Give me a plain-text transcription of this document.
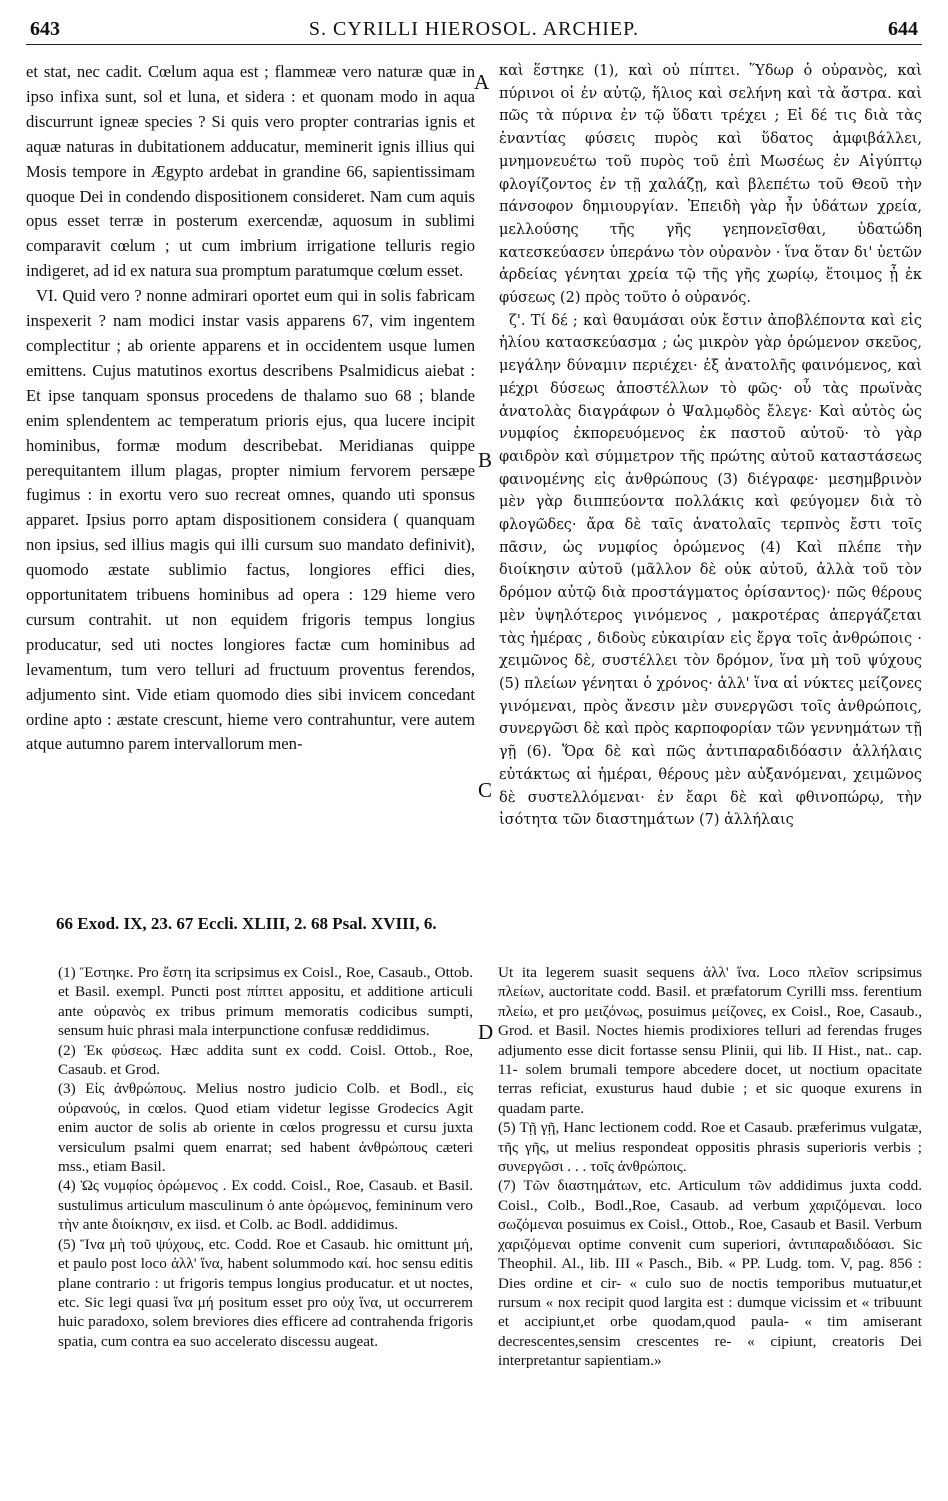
643	S. CYRILLI HIEROSOL. ARCHIEP.	644

et stat, nec cadit. Cœlum aqua est ; flammeæ vero naturæ quæ in ipso infixa sunt, sol et luna, et sidera : et quonam modo in aqua discurrunt igneæ species ? Si quis vero propter contrarias ignis et aquæ naturas in dubitationem adducatur, meminerit ignis illius qui Mosis tempore in Ægypto ardebat in grandine 66, sapientissimam quoque Dei in condendo dispositionem consideret. Nam cum aquis opus esset terræ in posterum exercendæ, aquosum in sublimi comparavit cœlum ; ut cum imbrium irrigatione telluris regio indigeret, ad id ex natura sua promptum paratumque cœlum esset.

VI. Quid vero ? nonne admirari oportet eum qui in solis fabricam inspexerit ? nam modici instar vasis apparens 67, vim ingentem complectitur ; ab oriente apparens et in occidentem usque lumen emittens. Cujus matutinos exortus describens Psalmidicus aiebat : Et ipse tanquam sponsus procedens de thalamo suo 68 ; blande enim splendentem ac temperatum prioris ejus, qua lucere incipit hominibus, formæ modum describebat. Meridianas quippe perequitantem illum plagas, propter nimium fervorem persæpe fugimus : in exortu vero suo recreat omnes, quando uti sponsus apparet. Ipsius porro aptam dispositionem considera ( quanquam non ipsius, sed illius magis qui illi cursum suo mandato definivit), quomodo æstate sublimio factus, longiores effici dies, opportunitatem tribuens hominibus ad opera : 129 hieme vero cursum contrahit. ut non equidem frigoris tempus longius producatur, sed uti noctes longiores factæ cum hominibus ad levamentum, tum vero telluri ad fructuum proventus ferendos, adjumento sint. Vide etiam quomodo dies sibi invicem concedant ordine apto : æstate crescunt, hieme vero contrahuntur, vere autem atque autumno parem intervallorum men-

καὶ ἕστηκε (1), καὶ οὐ πίπτει. Ὕδωρ ὁ οὐρανὸς, καὶ πύρινοι οἱ ἐν αὐτῷ, ἥλιος καὶ σελήνη καὶ τὰ ἄστρα. καὶ πῶς τὰ πύρινα ἐν τῷ ὕδατι τρέχει ; Εἰ δέ τις διὰ τὰς ἐναντίας φύσεις πυρὸς καὶ ὕδατος ἀμφιβάλλει, μνημονευέτω τοῦ πυρὸς τοῦ ἐπὶ Μωσέως ἐν Αἰγύπτῳ φλογίζοντος ἐν τῇ χαλάζῃ, καὶ βλεπέτω τοῦ Θεοῦ τὴν πάνσοφον δημιουργίαν. Ἐπειδὴ γὰρ ἦν ὑδάτων χρεία, μελλούσης τῆς γῆς γεηπονεῖσθαι, ὑδατώδη κατεσκεύασεν ὑπεράνω τὸν οὐρανὸν · ἵνα ὅταν δι' ὑετῶν ἀρδείας γένηται χρεία τῷ τῆς γῆς χωρίῳ, ἕτοιμος ᾖ ἐκ φύσεως (2) πρὸς τοῦτο ὁ οὐρανός.

ζ'. Τί δέ ; καὶ θαυμάσαι οὐκ ἔστιν ἀποβλέποντα καὶ εἰς ἡλίου κατασκεύασμα ; ὡς μικρὸν γὰρ ὁρώμενον σκεῦος, μεγάλην δύναμιν περιέχει· ἐξ ἀνατολῆς φαινόμενος, καὶ μέχρι δύσεως ἀποστέλλων τὸ φῶς· οὗ τὰς πρωϊνὰς ἀνατολὰς διαγράφων ὁ Ψαλμῳδὸς ἔλεγε· Καὶ αὐτὸς ὡς νυμφίος ἐκπορευόμενος ἐκ παστοῦ αὐτοῦ· τὸ γὰρ φαιδρὸν καὶ σύμμετρον τῆς πρώτης αὐτοῦ καταστάσεως φαινομένης εἰς ἀνθρώπους (3) διέγραφε· μεσημβρινὸν μὲν γὰρ διιππεύοντα πολλάκις καὶ φεύγομεν διὰ τὸ φλογῶδες· ἄρα δὲ ταῖς ἀνατολαῖς τερπνὸς ἔστι τοῖς πᾶσιν, ὡς νυμφίος ὁρώμενος (4) Καὶ πλέπε τὴν διοίκησιν αὐτοῦ (μᾶλλον δὲ οὐκ αὐτοῦ, ἀλλὰ τοῦ τὸν δρόμον αὐτῷ διὰ προστάγματος ὁρίσαντος)· πῶς θέρους μὲν ὑψηλότερος γινόμενος , μακροτέρας ἀπεργάζεται τὰς ἡμέρας , διδοὺς εὐκαιρίαν εἰς ἔργα τοῖς ἀνθρώποις · χειμῶνος δὲ, συστέλλει τὸν δρόμον, ἵνα μὴ τοῦ ψύχους (5) πλείων γένηται ὁ χρόνος· ἀλλ' ἵνα αἱ νύκτες μείζονες γινόμεναι, πρὸς ἄνεσιν μὲν συνεργῶσι τοῖς ἀνθρώποις, συνεργῶσι δὲ καὶ πρὸς καρποφορίαν τῶν γεννημάτων τῇ γῇ (6). Ὅρα δὲ καὶ πῶς ἀντιπαραδιδόασιν ἀλλήλαις εὐτάκτως αἱ ἡμέραι, θέρους μὲν αὐξανόμεναι, χειμῶνος δὲ συστελλόμεναι· ἐν ἔαρι δὲ καὶ φθινοπώρῳ, τὴν ἰσότητα τῶν διαστημάτων (7) ἀλλήλαις

A
B
C
D
66 Exod. IX, 23. 67 Eccli. XLIII, 2. 68 Psal. XVIII, 6.

(1) Ἕστηκε. Pro ἕστη ita scripsimus ex Coisl., Roe, Casaub., Ottob. et Basil. exempl. Puncti post πίπτει appositu, et additione articuli ante οὐρανὸς ex tribus primum memoratis codicibus sumpti, sensum huic phrasi mala interpunctione confusæ reddidimus.

(2) Ἐκ φύσεως. Hæc addita sunt ex codd. Coisl. Ottob., Roe, Casaub. et Grod.

(3) Εἰς ἀνθρώπους. Melius nostro judicio Colb. et Bodl., εἰς οὐρανούς, in cœlos. Quod etiam videtur legisse Grodecics Agit enim auctor de solis ab oriente in cœlos progressu et cursu juxta versiculum psalmi quem enarrat; sed habent ἀνθρώπους cæteri mss., etiam Basil.

(4) Ὡς νυμφίος ὁρώμενος . Ex codd. Coisl., Roe, Casaub. et Basil. sustulimus articulum masculinum ὁ ante ὁρώμενος, femininum vero τὴν ante διοίκησιν, ex iisd. et Colb. ac Bodl. addidimus.

(5) Ἵνα μὴ τοῦ ψύχους, etc. Codd. Roe et Casaub. hic omittunt μή, et paulo post loco ἀλλ' ἵνα, habent solummodo καί. hoc sensu editis plane contrario : ut frigoris tempus longius producatur. et ut noctes, etc. Sic legi quasi ἵνα μή positum esset pro οὐχ ἵνα, ut occurrerem huic paradoxo, solem breviores dies efficere ad contrahenda frigoris spatia, cum contra ea suo accelerato discessu augeat.

Ut ita legerem suasit sequens ἀλλ' ἵνα. Loco πλεῖον scripsimus πλείων, auctoritate codd. Basil. et præfatorum Cyrilli mss. ferentium πλείω, et pro μειζόνως, posuimus μείζονες, ex Coisl., Roe, Casaub., Grod. et Basil. Noctes hiemis prodixiores telluri ad ferendas fruges adjumento esse dicit fortasse sensu Plinii, qui lib. II Hist., nat.. cap. 11- solem brumali tempore abcedere docet, ut noctium opacitate terras reficiat, exusturus haud dubie ; et sic quoque exurens in quadam parte.

(5) Τῇ γῇ, Hanc lectionem codd. Roe et Casaub. præferimus vulgatæ, τῆς γῆς, ut melius respondeat oppositis phrasis superioris verbis ; συνεργῶσι . . . τοῖς ἀνθρώποις.

(7) Τῶν διαστημάτων, etc. Articulum τῶν addidimus juxta codd. Coisl., Colb., Bodl.,Roe, Casaub. ad verbum χαριζόμεναι. loco σωζόμεναι posuimus ex Coisl., Ottob., Roe, Casaub et Basil. Verbum χαριζόμεναι optime convenit cum superiori, ἀντιπαραδιδόασι. Sic Theophil. Al., lib. III « Pasch., Bib. « PP. Ludg. tom. V, pag. 856 : Dies ordine et cir- « culo suo de noctis temporibus mutuatur,et rursum « nox recipit quod largita est : dumque vicissim et « tribuunt et accipiunt,et orbe quodam,quod paula- « tim amiserant decrescentes,sensim crescentes re- « cipiunt, creatoris Dei interpretantur sapientiam.»
